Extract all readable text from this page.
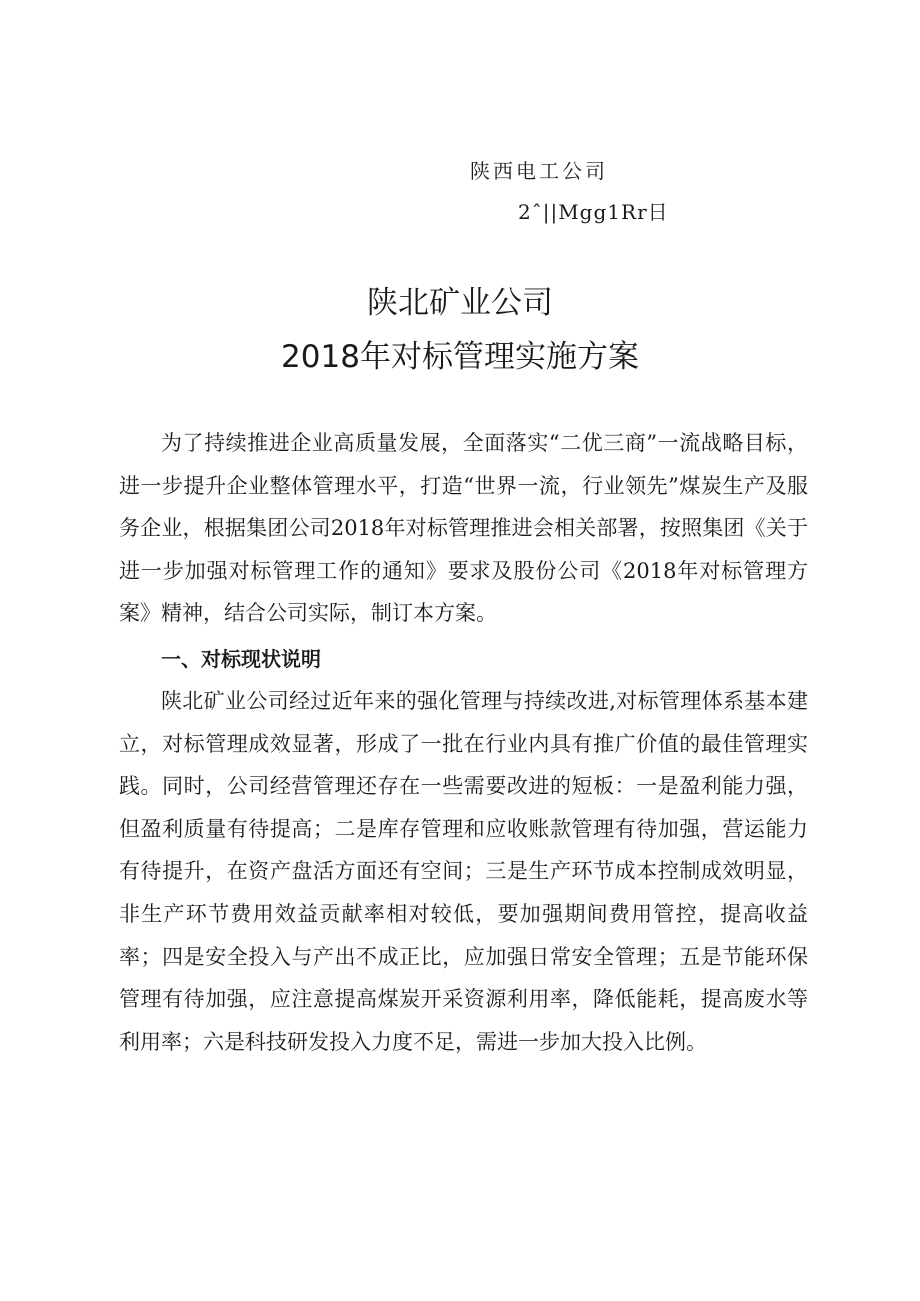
陕西电工公司
2ˆ||Mgg1Rr日
陕北矿业公司
2018年对标管理实施方案

为了持续推进企业高质量发展，全面落实“二优三商”一流战略目标，进一步提升企业整体管理水平，打造“世界一流，行业领先”煤炭生产及服务企业，根据集团公司2018年对标管理推进会相关部署，按照集团《关于进一步加强对标管理工作的通知》要求及股份公司《2018年对标管理方案》精神，结合公司实际，制订本方案。

一、对标现状说明

陕北矿业公司经过近年来的强化管理与持续改进,对标管理体系基本建立，对标管理成效显著，形成了一批在行业内具有推广价值的最佳管理实践。同时，公司经营管理还存在一些需要改进的短板：一是盈利能力强，但盈利质量有待提高；二是库存管理和应收账款管理有待加强，营运能力有待提升，在资产盘活方面还有空间；三是生产环节成本控制成效明显，非生产环节费用效益贡献率相对较低，要加强期间费用管控，提高收益率；四是安全投入与产出不成正比，应加强日常安全管理；五是节能环保管理有待加强，应注意提高煤炭开采资源利用率，降低能耗，提高废水等利用率；六是科技研发投入力度不足，需进一步加大投入比例。
